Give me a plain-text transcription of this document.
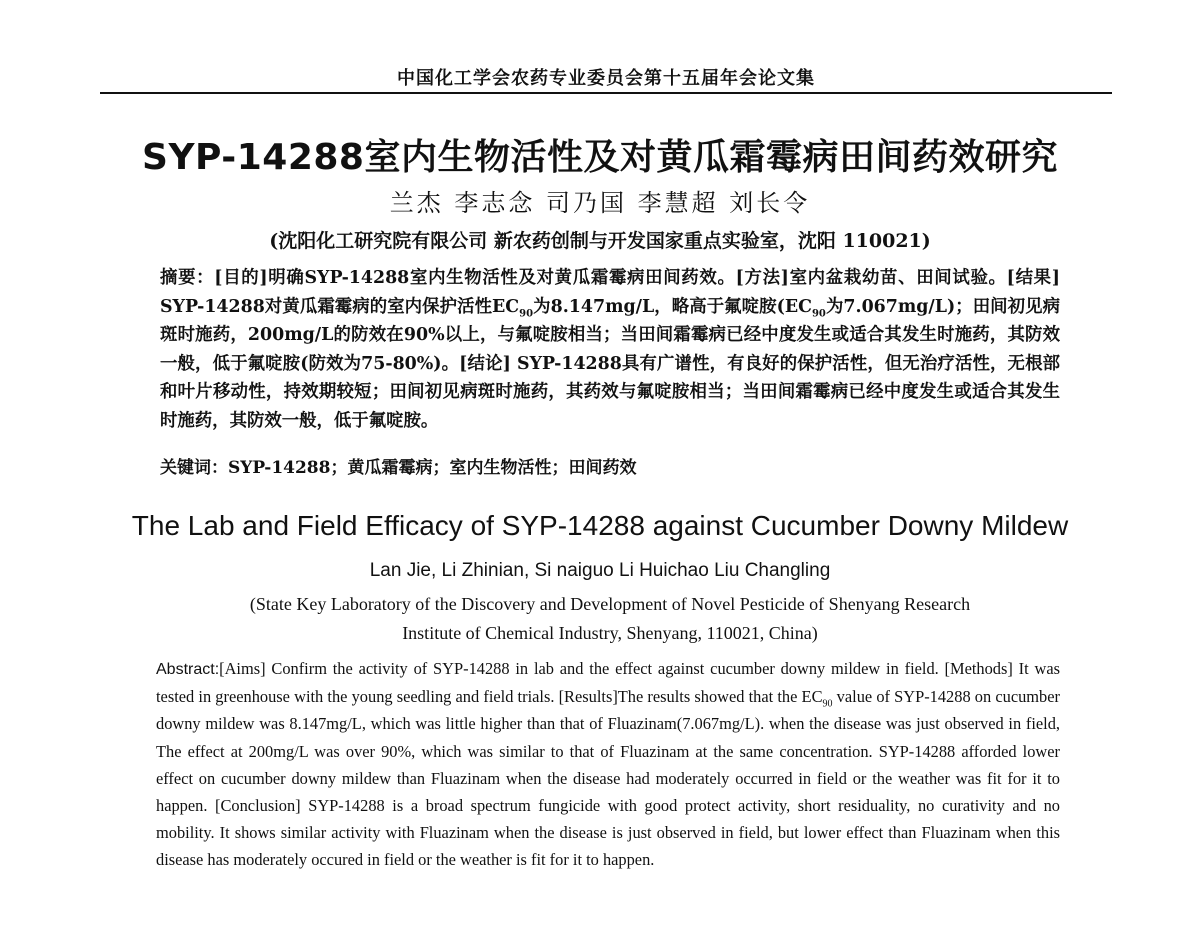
中国化工学会农药专业委员会第十五届年会论文集
SYP-14288室内生物活性及对黄瓜霜霉病田间药效研究
兰杰 李志念 司乃国 李慧超 刘长令
(沈阳化工研究院有限公司 新农药创制与开发国家重点实验室，沈阳 110021)

摘要：[目的]明确SYP-14288室内生物活性及对黄瓜霜霉病田间药效。[方法]室内盆栽幼苗、田间试验。[结果] SYP-14288对黄瓜霜霉病的室内保护活性$EC_{90}$为8.147mg/L，略高于氟啶胺($EC_{90}$为7.067mg/L)；田间初见病斑时施药，200mg/L的防效在90%以上，与氟啶胺相当；当田间霜霉病已经中度发生或适合其发生时施药，其防效一般，低于氟啶胺(防效为75-80%)。[结论] SYP-14288具有广谱性，有良好的保护活性，但无治疗活性，无根部和叶片移动性，持效期较短；田间初见病斑时施药，其药效与氟啶胺相当；当田间霜霉病已经中度发生或适合其发生时施药，其防效一般，低于氟啶胺。

关键词：SYP-14288；黄瓜霜霉病；室内生物活性；田间药效

The Lab and Field Efficacy of SYP-14288 against Cucumber Downy Mildew
Lan Jie, Li Zhinian, Si naiguo Li Huichao Liu Changling
(State Key Laboratory of the Discovery and Development of Novel Pesticide of Shenyang Research
Institute of Chemical Industry, Shenyang, 110021, China)

Abstract:[Aims] Confirm the activity of SYP-14288 in lab and the effect against cucumber downy mildew in field. [Methods] It was tested in greenhouse with the young seedling and field trials. [Results]The results showed that the $EC_{90}$ value of SYP-14288 on cucumber downy mildew was 8.147mg/L, which was little higher than that of Fluazinam(7.067mg/L). when the disease was just observed in field, The effect at 200mg/L was over 90%, which was similar to that of Fluazinam at the same concentration. SYP-14288 afforded lower effect on cucumber downy mildew than Fluazinam when the disease had moderately occurred in field or the weather was fit for it to happen. [Conclusion] SYP-14288 is a broad spectrum fungicide with good protect activity, short residuality, no curativity and no mobility. It shows similar activity with Fluazinam when the disease is just observed in field, but lower effect than Fluazinam when this disease has moderately occured in field or the weather is fit for it to happen.
